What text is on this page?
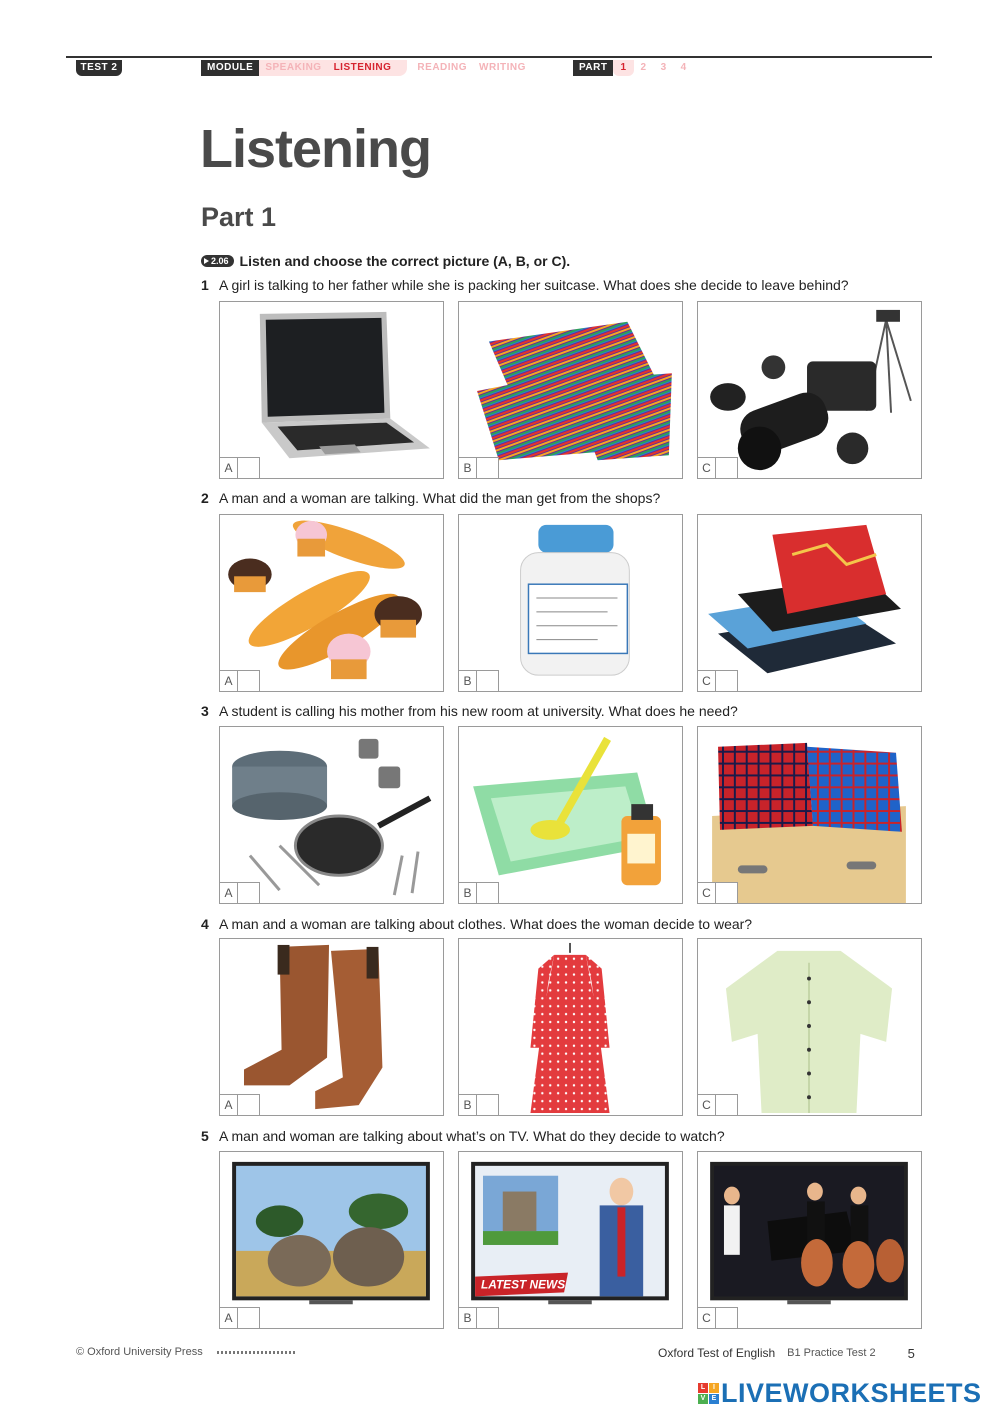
TEST 2	MODULE	SPEAKING	LISTENING	READING	WRITING	PART	1	2	3	4
Listening
Part 1
2.06 Listen and choose the correct picture (A, B, or C).
1 A girl is talking to her father while she is packing her suitcase. What does she decide to leave behind?
A	B	C
2 A man and a woman are talking. What did the man get from the shops?
A	B	C
3 A student is calling his mother from his new room at university. What does he need?
A	B	C
4 A man and a woman are talking about clothes. What does the woman decide to wear?
A	B	C
5 A man and woman are talking about what’s on TV. What do they decide to watch?
A
LATEST NEWS
B	C
© Oxford University Press	Oxford Test of English B1 Practice Test 2 5
L	I
V E LIVEWORKSHEETS
